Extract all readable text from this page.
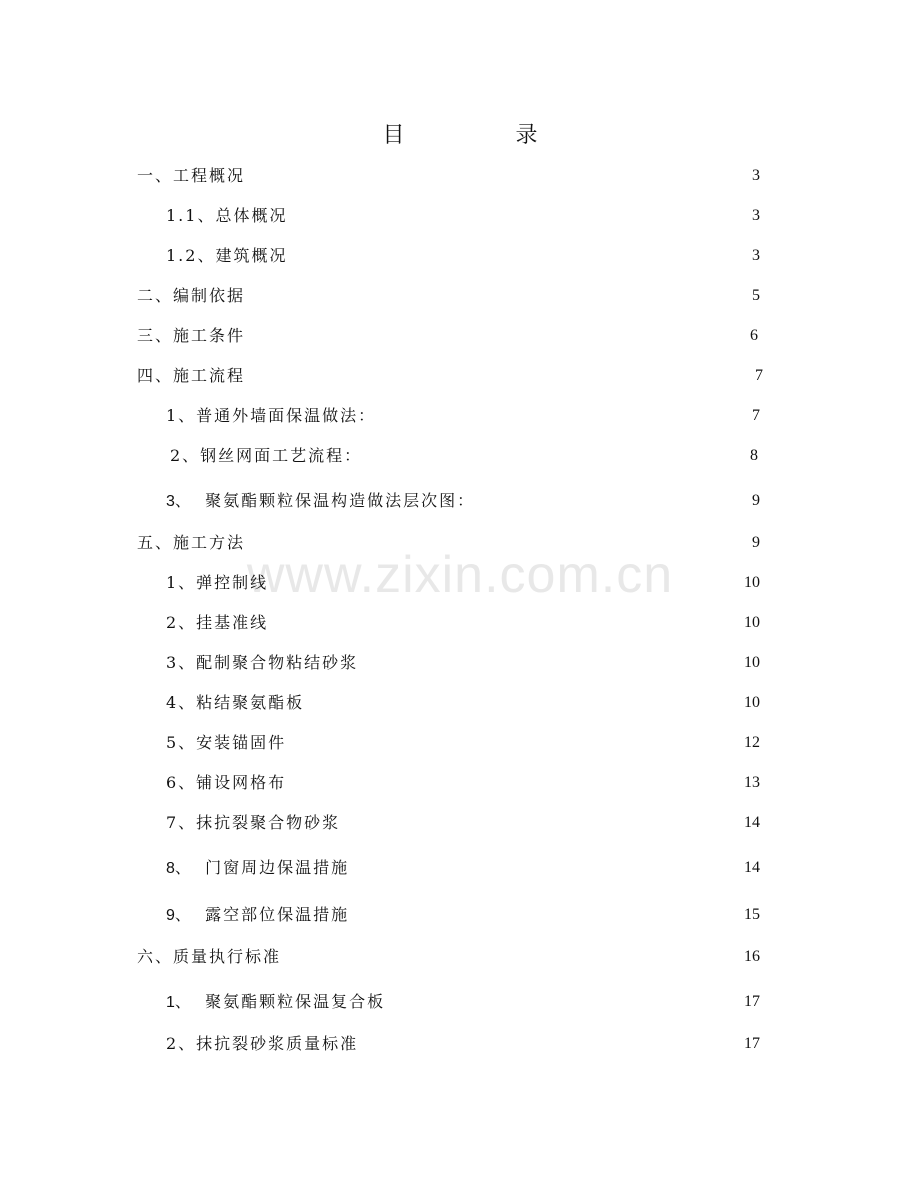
目 录
www.zixin.com.cn
一、工程概况	3
1.1、总体概况	3
1.2、建筑概况	3
二、编制依据	5
三、施工条件	6
四、施工流程	7
1、普通外墙面保温做法：	7
2、钢丝网面工艺流程：	8
3、 聚氨酯颗粒保温构造做法层次图：	9
五、施工方法	9
1、弹控制线	10
2、挂基准线	10
3、配制聚合物粘结砂浆	10
4、粘结聚氨酯板	10
5、安装锚固件	12
6、铺设网格布	13
7、抹抗裂聚合物砂浆	14
8、 门窗周边保温措施	14
9、 露空部位保温措施	15
六、质量执行标准	16
1、 聚氨酯颗粒保温复合板	17
2、抹抗裂砂浆质量标准	17
